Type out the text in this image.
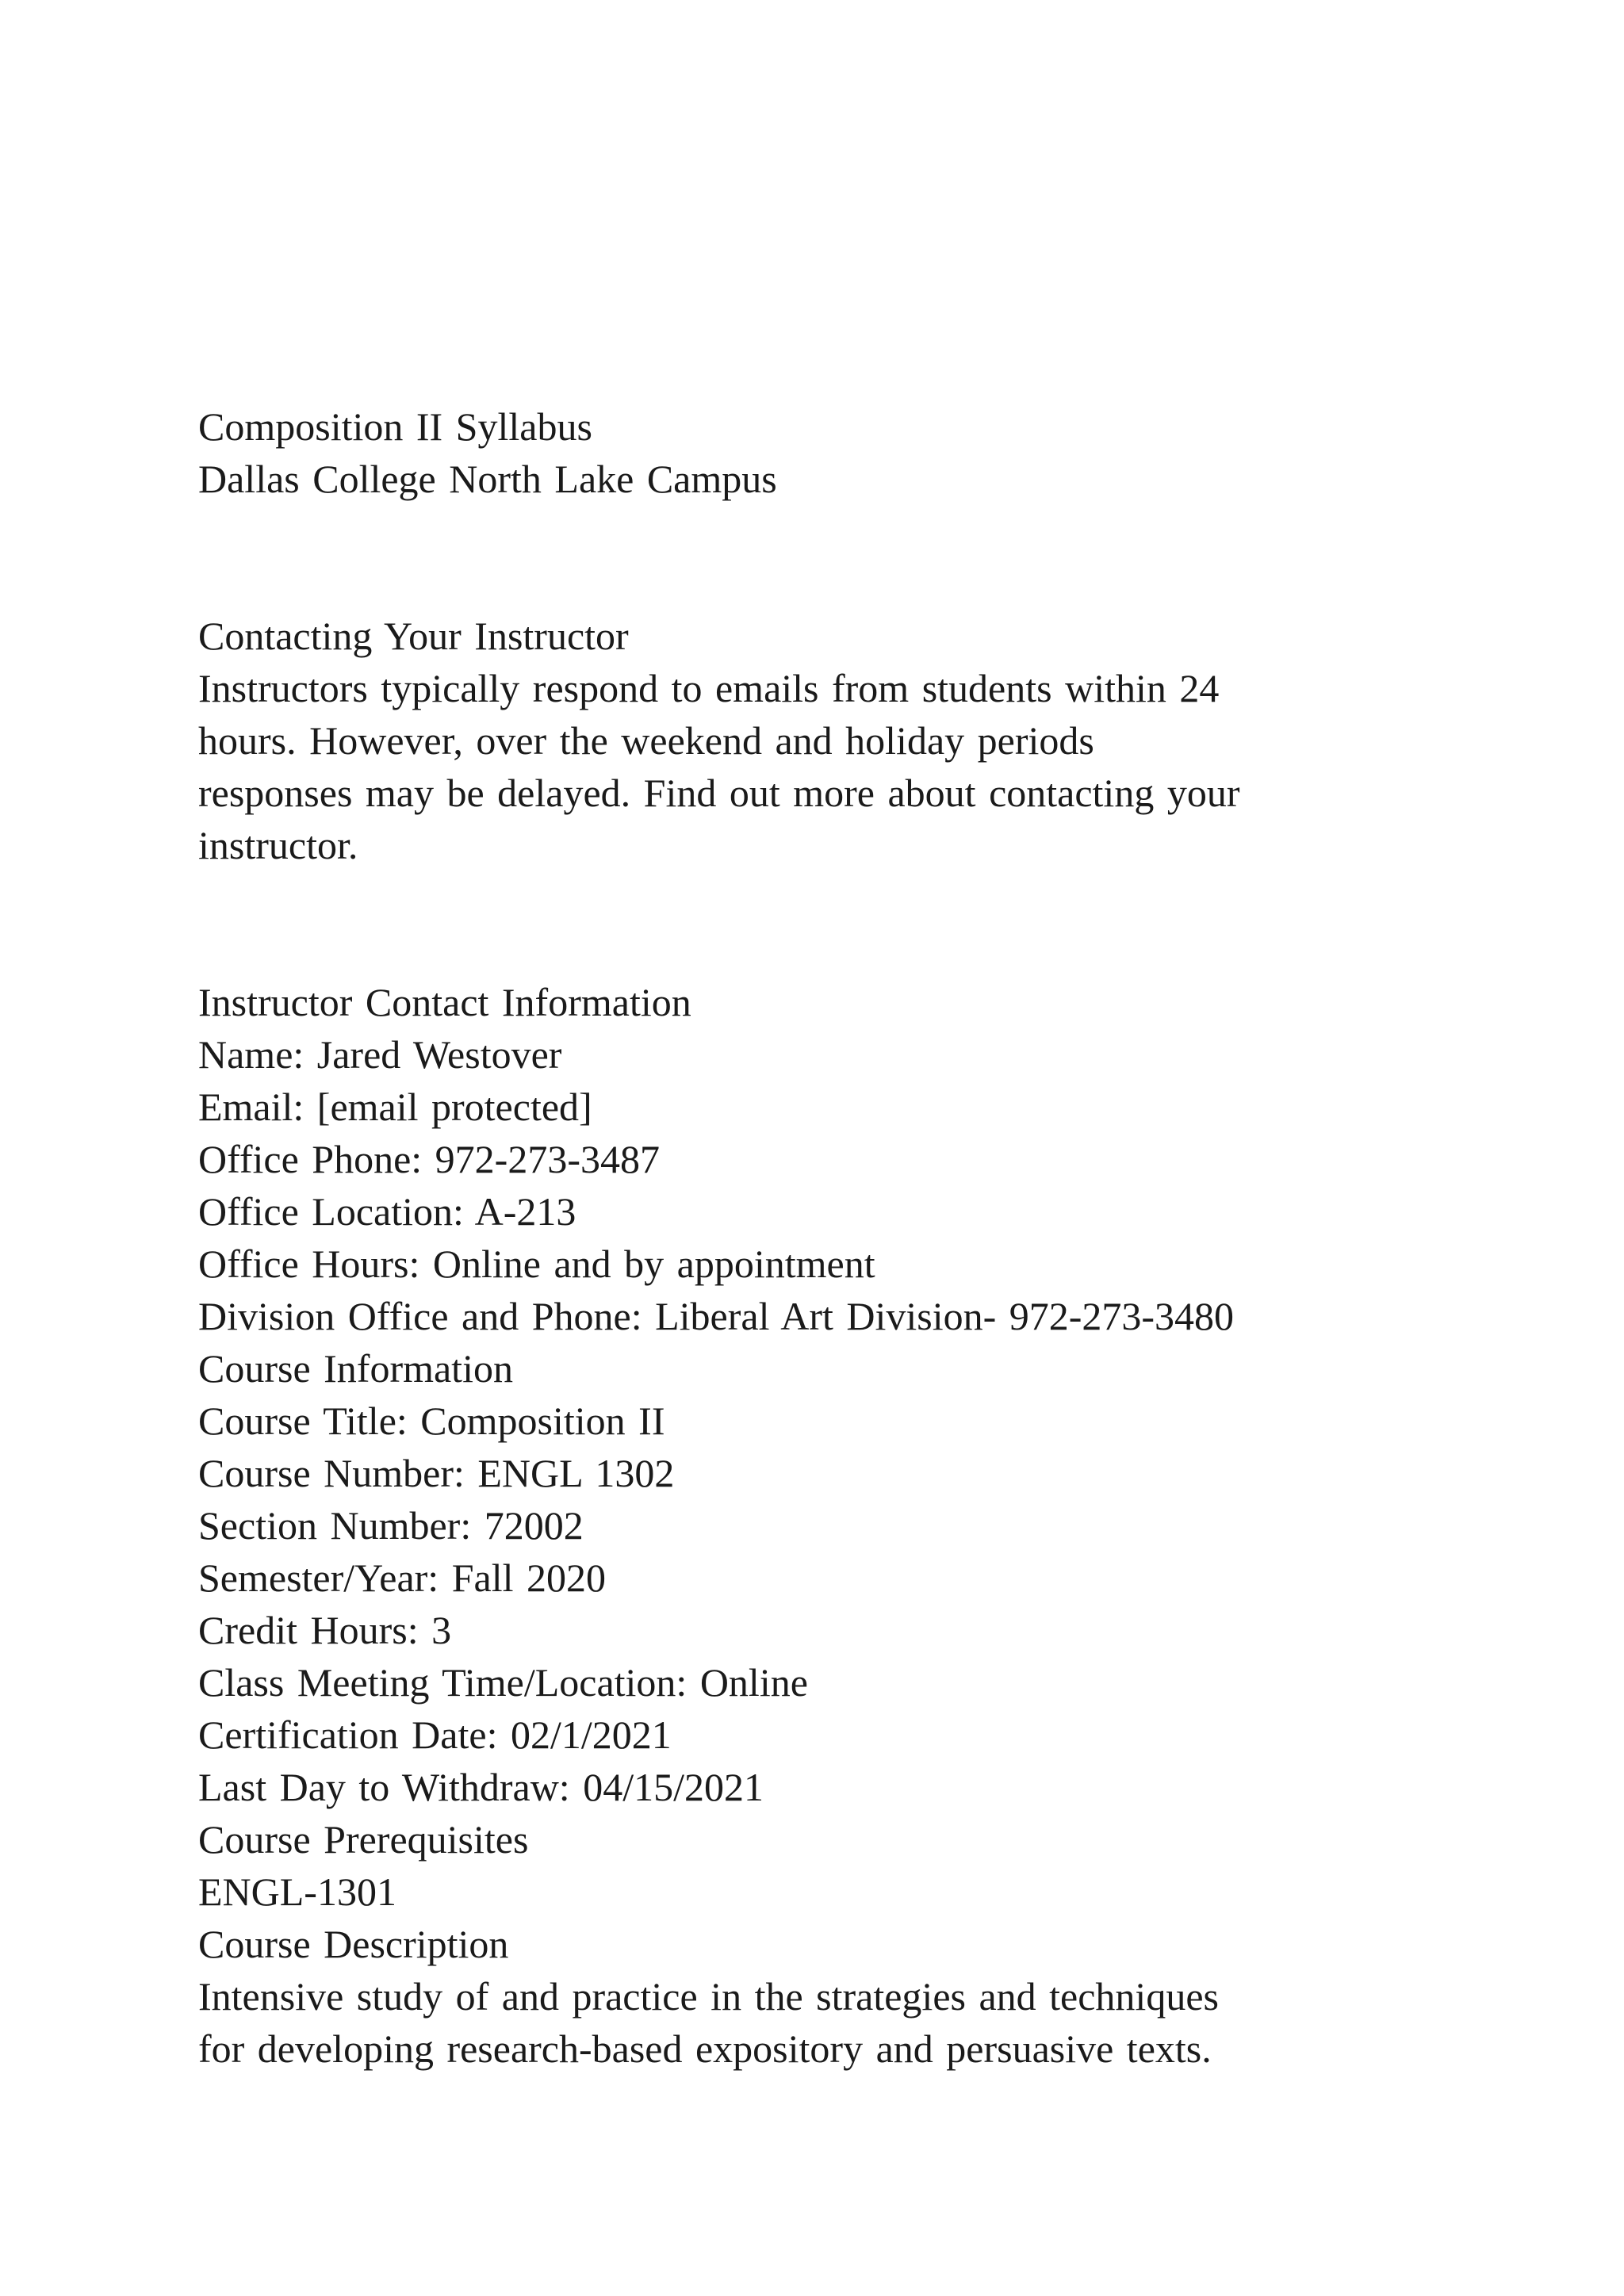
Composition II Syllabus
Dallas College North Lake Campus
Contacting Your Instructor
Instructors typically respond to emails from students within 24
hours. However, over the weekend and holiday periods
responses may be delayed. Find out more about contacting your
instructor.
Instructor Contact Information
Name: Jared Westover
Email: [email protected]
Office Phone: 972-273-3487
Office Location: A-213
Office Hours: Online and by appointment
Division Office and Phone: Liberal Art Division- 972-273-3480
Course Information
Course Title: Composition II
Course Number: ENGL 1302
Section Number: 72002
Semester/Year: Fall 2020
Credit Hours: 3
Class Meeting Time/Location: Online
Certification Date: 02/1/2021
Last Day to Withdraw: 04/15/2021
Course Prerequisites
ENGL-1301
Course Description
Intensive study of and practice in the strategies and techniques
for developing research-based expository and persuasive texts.
